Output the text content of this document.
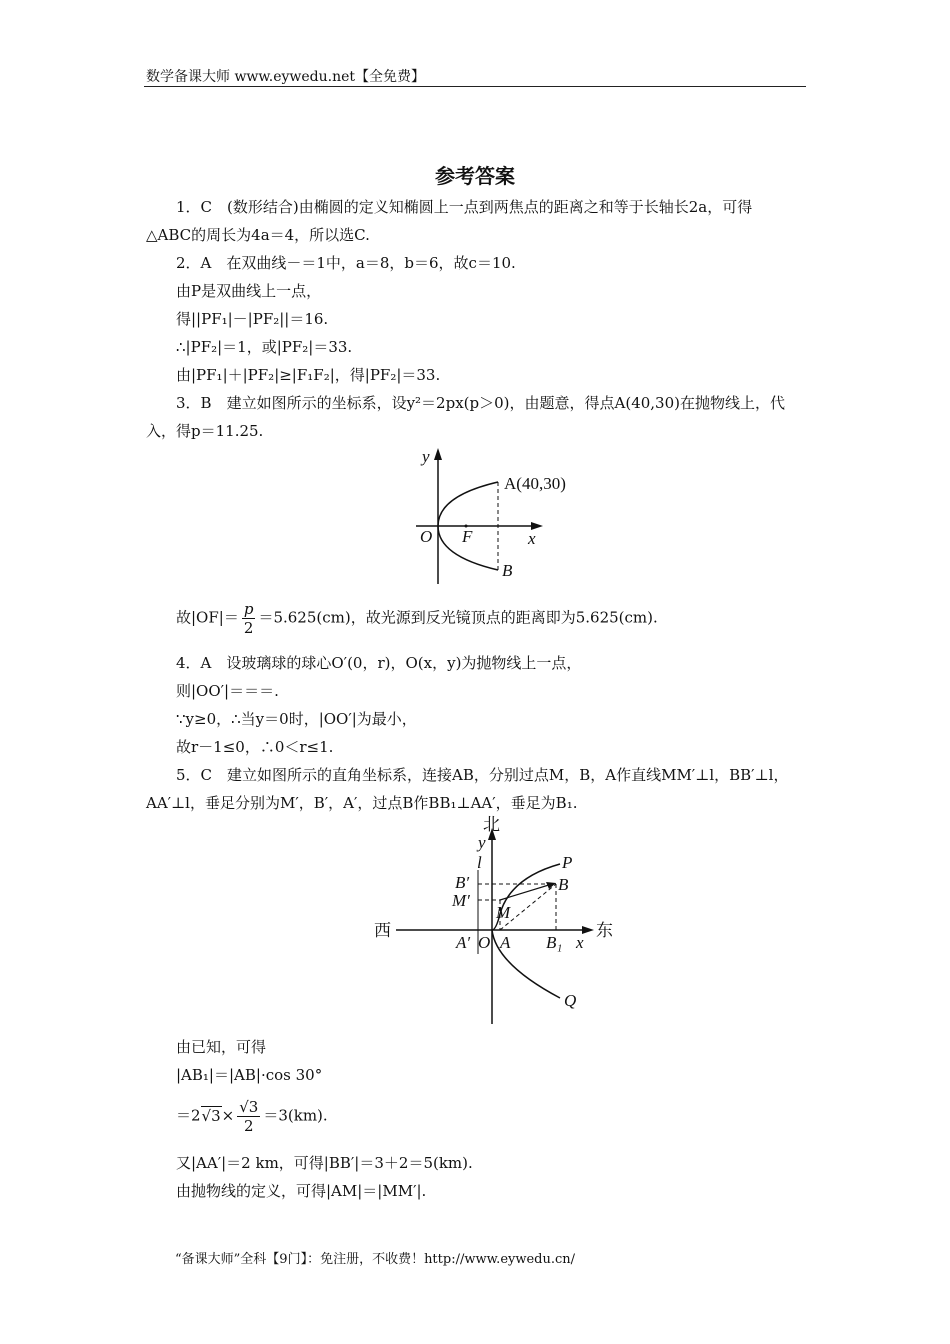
数学备课大师 www.eywedu.net【全免费】
参考答案
1．C　(数形结合)由椭圆的定义知椭圆上一点到两焦点的距离之和等于长轴长2a，可得
△ABC的周长为4a＝4，所以选C.
2．A　在双曲线－＝1中，a＝8，b＝6，故c＝10.
由P是双曲线上一点，
得||PF₁|－|PF₂||＝16.
∴|PF₂|＝1，或|PF₂|＝33.
由|PF₁|＋|PF₂|≥|F₁F₂|，得|PF₂|＝33.
3．B　建立如图所示的坐标系，设y²＝2px(p＞0)，由题意，得点A(40,30)在抛物线上，代
入，得p＝11.25.
y
A(40,30)
O F	x
B
故$|OF|= \frac{p}{2} =5.625(cm)$，故光源到反光镜顶点的距离即为5.625(cm).
4．A　设玻璃球的球心O′(0，r)，O(x，y)为抛物线上一点，
则|OO′|＝＝＝.
∵y≥0，∴当y＝0时，|OO′|为最小，
故r－1≤0，∴0＜r≤1.
5．C　建立如图所示的直角坐标系，连接AB，分别过点M，B，A作直线MM′⊥l，BB′⊥l，
AA′⊥l，垂足分别为M′，B′，A′，过点B作BB₁⊥AA′，垂足为B₁.
北
y
l	P
B′	B
M′
M
西	东
A′ O A B₁ x
Q
由已知，可得
|AB₁|＝|AB|·cos 30°
$=2√3\times \frac{√3}{2} =3(km)$.
又|AA′|＝2 km，可得|BB′|＝3＋2＝5(km).
由抛物线的定义，可得|AM|＝|MM′|.
“备课大师”全科【9门】：免注册，不收费！http://www.eywedu.cn/
